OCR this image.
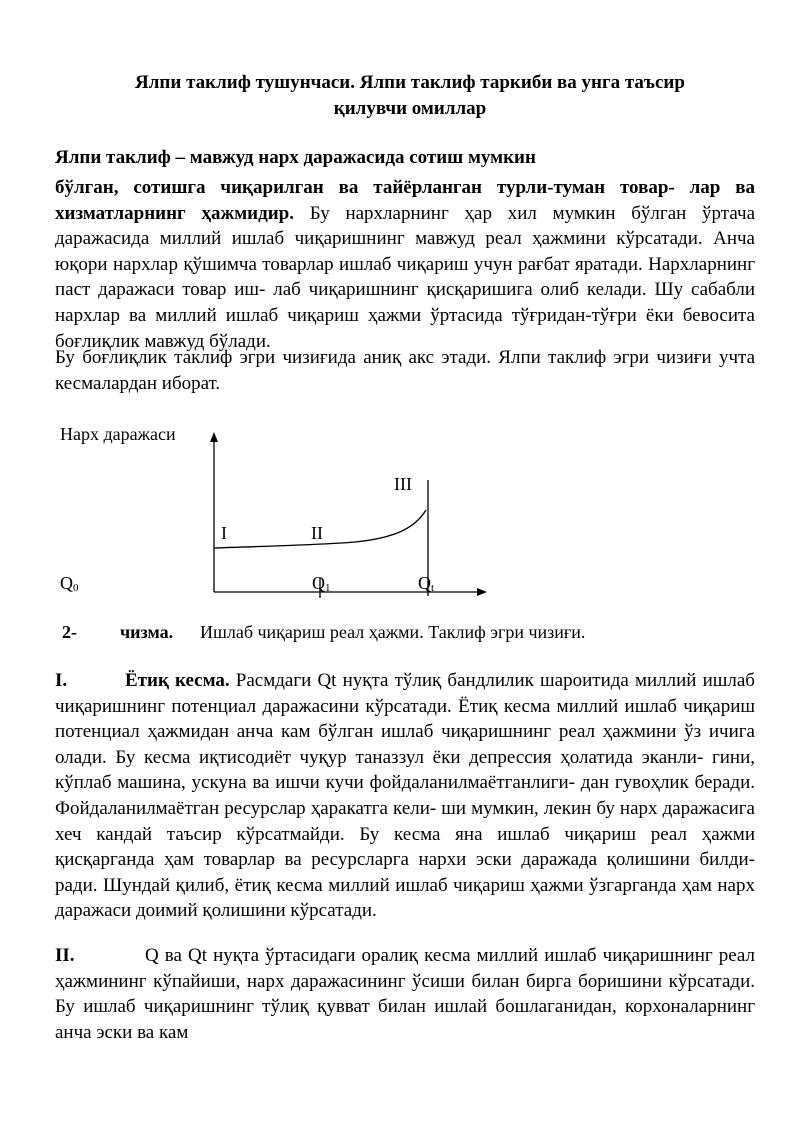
Ялпи таклиф тушунчаси. Ялпи таклиф таркиби ва унга таъсир
қилувчи омиллар
Ялпи таклиф – мавжуд нарх даражасида сотиш мумкин
бўлган, сотишга чиқарилган ва тайёрланган турли-туман товар- лар ва хизматларнинг ҳажмидир. Бу нархларнинг ҳар хил мумкин бўлган ўртача даражасида миллий ишлаб чиқаришнинг мавжуд реал ҳажмини кўрсатади. Анча юқори нархлар қўшимча товарлар ишлаб чиқариш учун рағбат яратади. Нархларнинг паст даражаси товар иш- лаб чиқаришнинг қисқаришига олиб келади. Шу сабабли нархлар ва миллий ишлаб чиқариш ҳажми ўртасида тўғридан-тўғри ёки бевосита боғлиқлик мавжуд бўлади.
Бу боғлиқлик таклиф эгри чизиғида аниқ акс этади. Ялпи таклиф эгри чизиғи учта кесмалардан иборат.
Нарх даражаси
I	II
III
Q0	Q1	Qt
2- чизма. Ишлаб чиқариш реал ҳажми. Таклиф эгри чизиғи.
I.	Ётиқ кесма. Расмдаги Qt нуқта тўлиқ бандлилик шароитида миллий ишлаб чиқаришнинг потенциал даражасини кўрсатади. Ётиқ кесма миллий ишлаб чиқариш потенциал ҳажмидан анча кам бўлган ишлаб чиқаришнинг реал ҳажмини ўз ичига олади. Бу кесма иқтисодиёт чуқур таназзул ёки депрессия ҳолатида эканли- гини, кўплаб машина, ускуна ва ишчи кучи фойдаланилмаётганлиги- дан гувоҳлик беради. Фойдаланилмаётган ресурслар ҳаракатга кели- ши мумкин, лекин бу нарх даражасига хеч кандай таъсир кўрсатмайди. Бу кесма яна ишлаб чиқариш реал ҳажми қисқарганда ҳам товарлар ва ресурсларга нархи эски даражада қолишини билди- ради. Шундай қилиб, ётиқ кесма миллий ишлаб чиқариш ҳажми ўзгарганда ҳам нарх даражаси доимий қолишини кўрсатади.
II.	Q ва Qt нуқта ўртасидаги оралиқ кесма миллий ишлаб чиқаришнинг реал ҳажмининг кўпайиши, нарх даражасининг ўсиши билан бирга боришини кўрсатади. Бу ишлаб чиқаришнинг тўлиқ қувват билан ишлай бошлаганидан, корхоналарнинг анча эски ва кам
